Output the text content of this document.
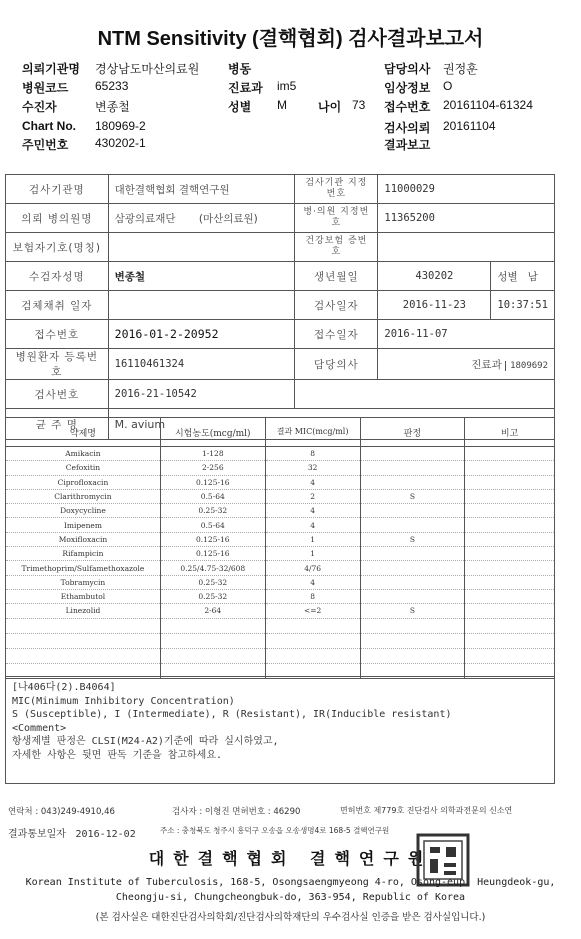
NTM Sensitivity (결핵협회) 검사결과보고서
의뢰기관명 경상남도마산의료원 병동	담당의사 권정훈
병원코드 65233	진료과 im5	임상정보 O
수진자	변종철	성별 M	나이 73 접수번호 20161104-61324
Chart No. 180969-2	검사의뢰 20161104
주민번호 430202-1	결과보고
검사기관명	대한결핵협회 결핵연구원	검사기관 지정번호	11000029	
의뢰 병의원명	삼광의료재단 (마산의료원)	병·의원 지정번호	11365200	
보험자기호(명칭)		건강보험 증번호		
수검자성명	변종철	생년월일	430202	성별 남
검체채취 일자		검사일자	2016-11-23	10:37:51
접수번호	2016-01-2-20952	접수일자	2016-11-07	
병원환자 등록번호	16110461324	담당의사	진료과 1809692	
검사번호	2016-21-10542			
균 주 명	M. avium			
약제명	시험농도(mcg/ml)	결과 MIC(mcg/ml)	판정	비고
Amikacin	1-128	8		
Cefoxitin	2-256	32		
Ciprofloxacin	0.125-16	4		
Clarithromycin	0.5-64	2	S	
Doxycycline	0.25-32	4		
Imipenem	0.5-64	4		
Moxifloxacin	0.125-16	1	S	
Rifampicin	0.125-16	1		
Trimethoprim/Sulfamethoxazole	0.25/4.75-32/608	4/76		
Tobramycin	0.25-32	4		
Ethambutol	0.25-32	8		
Linezolid	2-64	<=2	S	

[나406다(2).B4064]
MIC(Minimum Inhibitory Concentration)
S (Susceptible), I (Intermediate), R (Resistant), IR(Inducible resistant)
<Comment>
항생제별 판정은 CLSI(M24-A2)기준에 따라 실시하였고,
자세한 사항은 뒷면 판독 기준을 참고하세요.
연락처 : 043)249-4910,46	검사자 : 이형진 면허번호 : 46290	면허번호 제779호 진단검사 의학과전문의 신소연
결과통보일자 2016-12-02	주소 : 충청북도 청주시 흥덕구 오송읍 오송생명4로 168-5 결핵연구원
대한결핵협회 결핵연구원
Korean Institute of Tuberculosis, 168-5, Osongsaengmyeong 4-ro, Osong-eup, Heungdeok-gu,
Cheongju-si, Chungcheongbuk-do, 363-954, Republic of Korea
(본 검사실은 대한진단검사의학회/진단검사의학재단의 우수검사실 인증을 받은 검사실입니다.)
